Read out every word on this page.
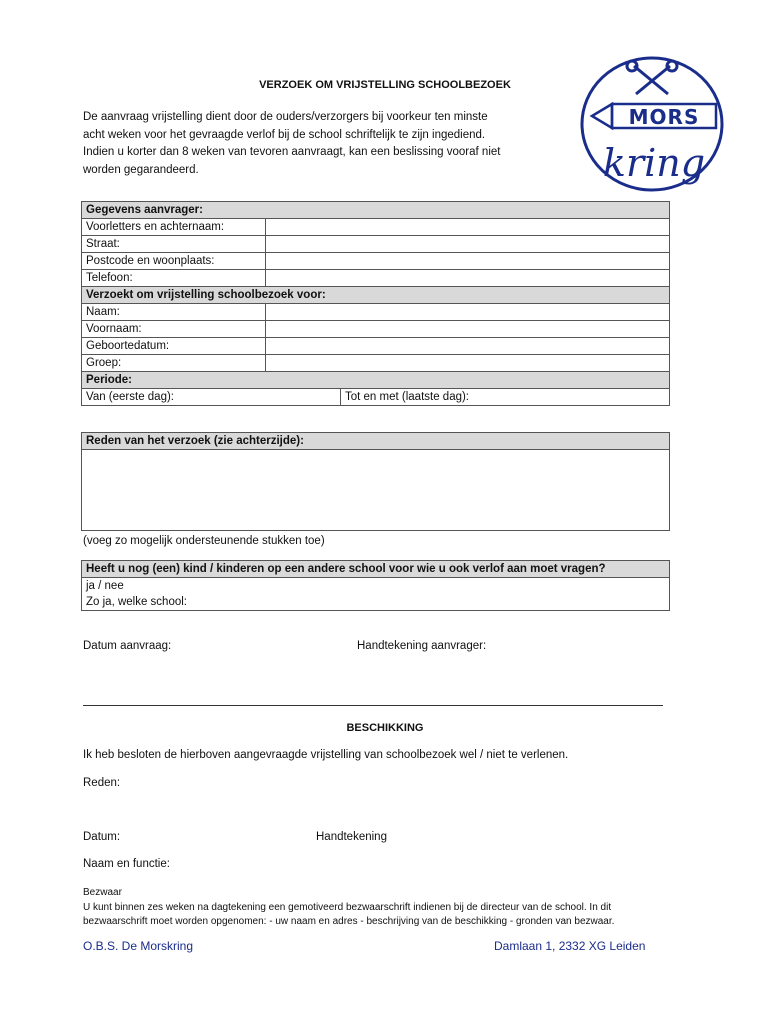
VERZOEK OM VRIJSTELLING SCHOOLBEZOEK
De aanvraag vrijstelling dient door de ouders/verzorgers bij voorkeur ten minste
acht weken voor het gevraagde verlof bij de school schriftelijk te zijn ingediend.
Indien u korter dan 8 weken van tevoren aanvraagt, kan een beslissing vooraf niet
worden gegarandeerd.
MORS
kring
Gegevens aanvrager:		
Voorletters en achternaam:		
Straat:		
Postcode en woonplaats:		
Telefoon:		
Verzoekt om vrijstelling schoolbezoek voor:		
Naam:		
Voornaam:		
Geboortedatum:		
Groep:		
Periode:		
Van (eerste dag):		Tot en met (laatste dag):
Reden van het verzoek (zie achterzijde):

(voeg zo mogelijk ondersteunende stukken toe)
Heeft u nog (een) kind / kinderen op een andere school voor wie u ook verlof aan moet vragen?
ja / nee
Zo ja, welke school:
Datum aanvraag:	Handtekening aanvrager:
BESCHIKKING
Ik heb besloten de hierboven aangevraagde vrijstelling van schoolbezoek wel / niet te verlenen.
Reden:
Datum:	Handtekening
Naam en functie:
Bezwaar
U kunt binnen zes weken na dagtekening een gemotiveerd bezwaarschrift indienen bij de directeur van de school. In dit
bezwaarschrift moet worden opgenomen: - uw naam en adres - beschrijving van de beschikking - gronden van bezwaar.
O.B.S. De Morskring	Damlaan 1, 2332 XG Leiden
